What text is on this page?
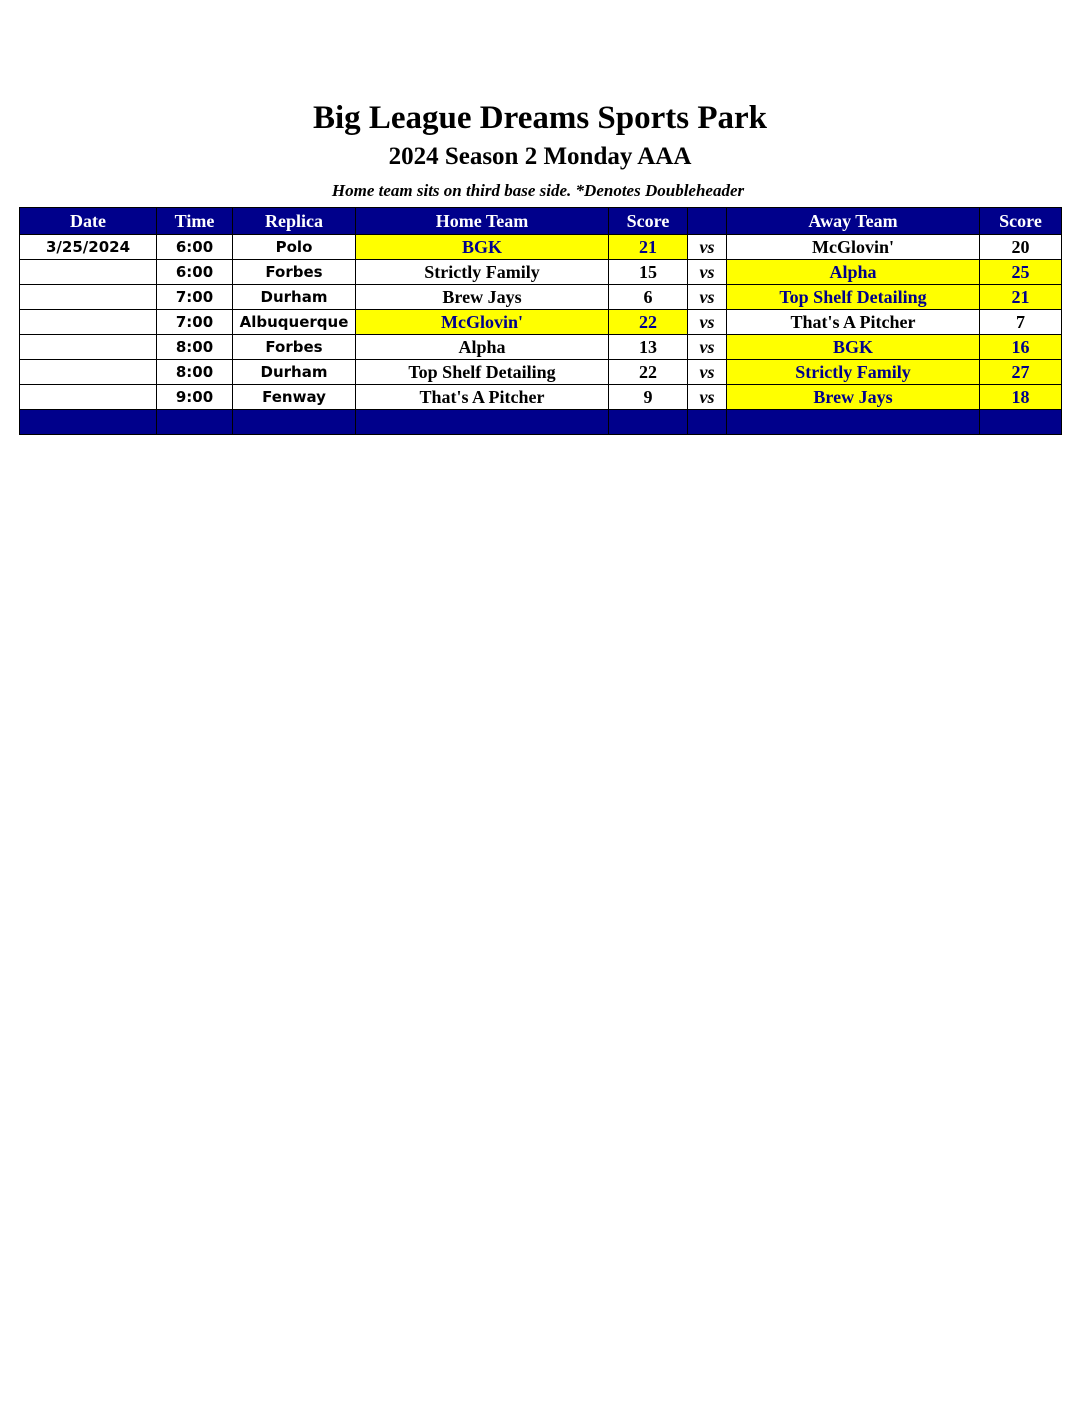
Big League Dreams Sports Park
2024 Season 2 Monday AAA
Home team sits on third base side. *Denotes Doubleheader
Date	Time	Replica	Home Team	Score		Away Team	Score
3/25/2024	6:00	Polo	BGK	21	vs	McGlovin'	20
	6:00	Forbes	Strictly Family	15	vs	Alpha	25
	7:00	Durham	Brew Jays	6	vs	Top Shelf Detailing	21
	7:00	Albuquerque	McGlovin'	22	vs	That's A Pitcher	7
	8:00	Forbes	Alpha	13	vs	BGK	16
	8:00	Durham	Top Shelf Detailing	22	vs	Strictly Family	27
	9:00	Fenway	That's A Pitcher	9	vs	Brew Jays	18
